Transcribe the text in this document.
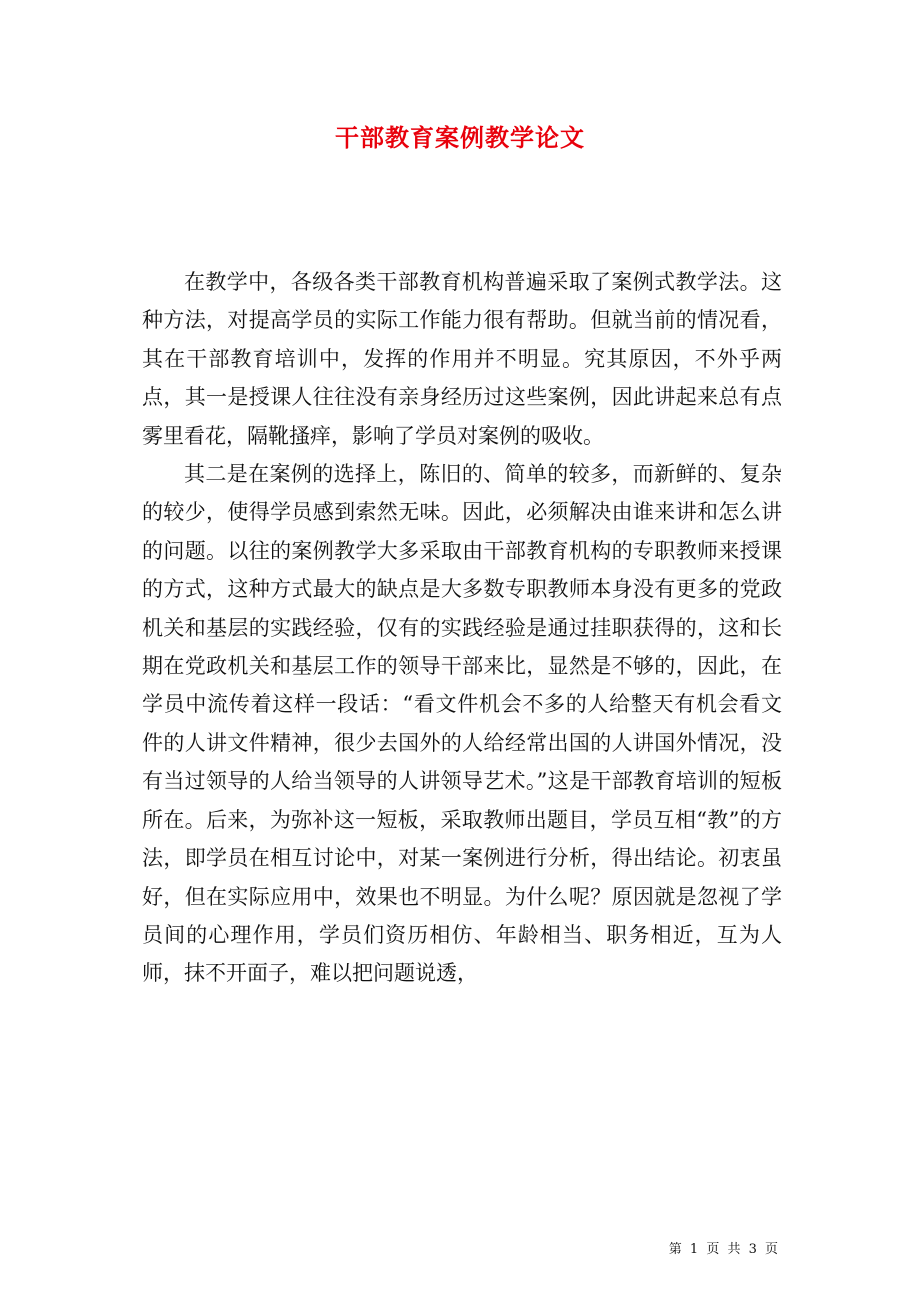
干部教育案例教学论文

在教学中，各级各类干部教育机构普遍采取了案例式教学法。这种方法，对提高学员的实际工作能力很有帮助。但就当前的情况看，其在干部教育培训中，发挥的作用并不明显。究其原因，不外乎两点，其一是授课人往往没有亲身经历过这些案例，因此讲起来总有点雾里看花，隔靴搔痒，影响了学员对案例的吸收。

其二是在案例的选择上，陈旧的、简单的较多，而新鲜的、复杂的较少，使得学员感到索然无味。因此，必须解决由谁来讲和怎么讲的问题。以往的案例教学大多采取由干部教育机构的专职教师来授课的方式，这种方式最大的缺点是大多数专职教师本身没有更多的党政机关和基层的实践经验，仅有的实践经验是通过挂职获得的，这和长期在党政机关和基层工作的领导干部来比，显然是不够的，因此，在学员中流传着这样一段话：“看文件机会不多的人给整天有机会看文件的人讲文件精神，很少去国外的人给经常出国的人讲国外情况，没有当过领导的人给当领导的人讲领导艺术。”这是干部教育培训的短板所在。后来，为弥补这一短板，采取教师出题目，学员互相“教”的方法，即学员在相互讨论中，对某一案例进行分析，得出结论。初衷虽好，但在实际应用中，效果也不明显。为什么呢？原因就是忽视了学员间的心理作用，学员们资历相仿、年龄相当、职务相近，互为人师，抹不开面子，难以把问题说透，

第 1 页 共 3 页
